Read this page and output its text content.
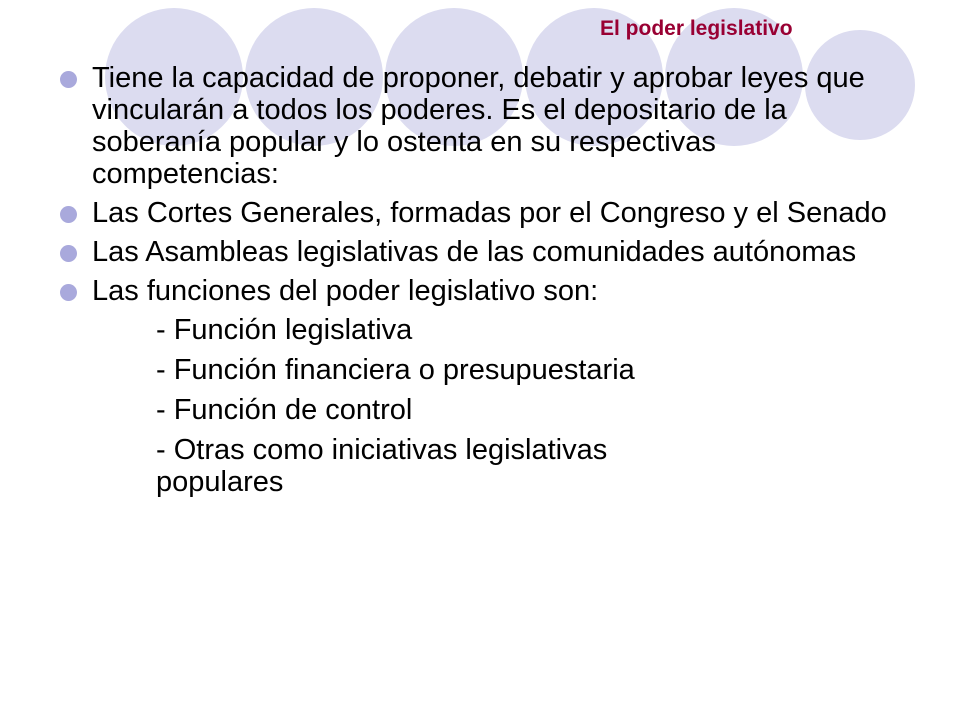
El poder legislativo
Tiene la capacidad de proponer, debatir y aprobar leyes que vincularán a todos los poderes. Es el depositario de la soberanía popular y lo ostenta en su respectivas competencias:
Las Cortes Generales, formadas por el Congreso y el Senado
Las Asambleas legislativas de las comunidades autónomas
Las funciones del poder legislativo son:
- Función legislativa
- Función financiera o presupuestaria
- Función de control
- Otras como iniciativas legislativas populares
